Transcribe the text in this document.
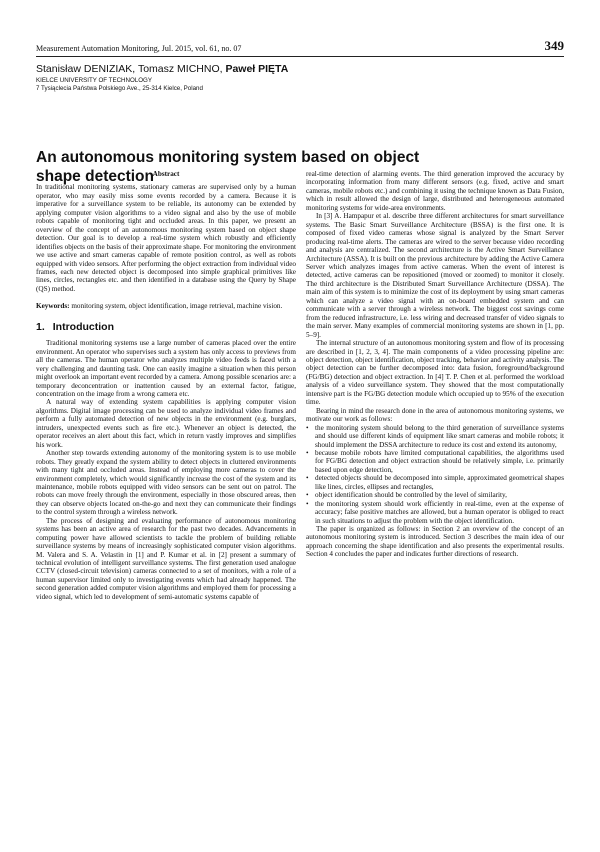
Measurement Automation Monitoring, Jul. 2015, vol. 61, no. 07	349
Stanisław DENIZIAK, Tomasz MICHNO, Paweł PIĘTA
KIELCE UNIVERSITY OF TECHNOLOGY
7 Tysiąclecia Państwa Polskiego Ave., 25-314 Kielce, Poland
An autonomous monitoring system based on object shape detection
Abstract

In traditional monitoring systems, stationary cameras are supervised only by a human operator, who may easily miss some events recorded by a camera. Because it is imperative for a surveillance system to be reliable, its autonomy can be extended by applying computer vision algorithms to a video signal and also by the use of mobile robots capable of monitoring tight and occluded areas. In this paper, we present an overview of the concept of an autonomous monitoring system based on object shape detection. Our goal is to develop a real-time system which robustly and efficiently identifies objects on the basis of their approximate shape. For monitoring the environment we use active and smart cameras capable of remote position control, as well as robots equipped with video sensors. After performing the object extraction from individual video frames, each new detected object is decomposed into simple graphical primitives like lines, circles, rectangles etc. and then identified in a database using the Query by Shape (QS) method.

Keywords: monitoring system, object identification, image retrieval, machine vision.

1. Introduction

Traditional monitoring systems use a large number of cameras placed over the entire environment. An operator who supervises such a system has only access to previews from all the cameras. The human operator who analyzes multiple video feeds is faced with a very challenging and daunting task. One can easily imagine a situation when this person might overlook an important event recorded by a camera. Among possible scenarios are: a temporary deconcentration or inattention caused by an external factor, fatigue, concentration on the image from a wrong camera etc.

A natural way of extending system capabilities is applying computer vision algorithms. Digital image processing can be used to analyze individual video frames and perform a fully automated detection of new objects in the environment (e.g. burglars, intruders, unexpected events such as fire etc.). Whenever an object is detected, the operator receives an alert about this fact, which in return vastly improves and simplifies his work.

Another step towards extending autonomy of the monitoring system is to use mobile robots. They greatly expand the system ability to detect objects in cluttered environments with many tight and occluded areas. Instead of employing more cameras to cover the environment completely, which would significantly increase the cost of the system and its maintenance, mobile robots equipped with video sensors can be sent out on patrol. The robots can move freely through the environment, especially in those obscured areas, then they can observe objects located on-the-go and next they can communicate their findings to the control system through a wireless network.

The process of designing and evaluating performance of autonomous monitoring systems has been an active area of research for the past two decades. Advancements in computing power have allowed scientists to tackle the problem of building reliable surveillance systems by means of increasingly sophisticated computer vision algorithms. M. Valera and S. A. Velastin in [1] and P. Kumar et al. in [2] present a summary of technical evolution of intelligent surveillance systems. The first generation used analogue CCTV (closed-circuit television) cameras connected to a set of monitors, with a role of a human supervisor limited only to investigating events which had already happened. The second generation added computer vision algorithms and employed them for processing a video signal, which led to development of semi-automatic systems capable of

real-time detection of alarming events. The third generation improved the accuracy by incorporating information from many different sensors (e.g. fixed, active and smart cameras, mobile robots etc.) and combining it using the technique known as Data Fusion, which in result allowed the design of large, distributed and heterogeneous automated monitoring systems for wide-area environments.

In [3] A. Hampapur et al. describe three different architectures for smart surveillance systems. The Basic Smart Surveillance Architecture (BSSA) is the first one. It is composed of fixed video cameras whose signal is analyzed by the Smart Server producing real-time alerts. The cameras are wired to the server because video recording and analysis are centralized. The second architecture is the Active Smart Surveillance Architecture (ASSA). It is built on the previous architecture by adding the Active Camera Server which analyzes images from active cameras. When the event of interest is detected, active cameras can be repositioned (moved or zoomed) to monitor it closely. The third architecture is the Distributed Smart Surveillance Architecture (DSSA). The main aim of this system is to minimize the cost of its deployment by using smart cameras which can analyze a video signal with an on-board embedded system and can communicate with a server through a wireless network. The biggest cost savings come from the reduced infrastructure, i.e. less wiring and decreased transfer of video signals to the main server. Many examples of commercial monitoring systems are shown in [1, pp. 5–9].

The internal structure of an autonomous monitoring system and flow of its processing are described in [1, 2, 3, 4]. The main components of a video processing pipeline are: object detection, object identification, object tracking, behavior and activity analysis. The object detection can be further decomposed into: data fusion, foreground/background (FG/BG) detection and object extraction. In [4] T. P. Chen et al. performed the workload analysis of a video surveillance system. They showed that the most computationally intensive part is the FG/BG detection module which occupied up to 95% of the execution time.

Bearing in mind the research done in the area of autonomous monitoring systems, we motivate our work as follows:

• the monitoring system should belong to the third generation of surveillance systems and should use different kinds of equipment like smart cameras and mobile robots; it should implement the DSSA architecture to reduce its cost and extend its autonomy,
• because mobile robots have limited computational capabilities, the algorithms used for FG/BG detection and object extraction should be relatively simple, i.e. primarily based upon edge detection,
• detected objects should be decomposed into simple, approximated geometrical shapes like lines, circles, ellipses and rectangles,
• object identification should be controlled by the level of similarity,
• the monitoring system should work efficiently in real-time, even at the expense of accuracy; false positive matches are allowed, but a human operator is obliged to react in such situations to adjust the problem with the object identification.

The paper is organized as follows: in Section 2 an overview of the concept of an autonomous monitoring system is introduced. Section 3 describes the main idea of our approach concerning the shape identification and also presents the experimental results. Section 4 concludes the paper and indicates further directions of research.
